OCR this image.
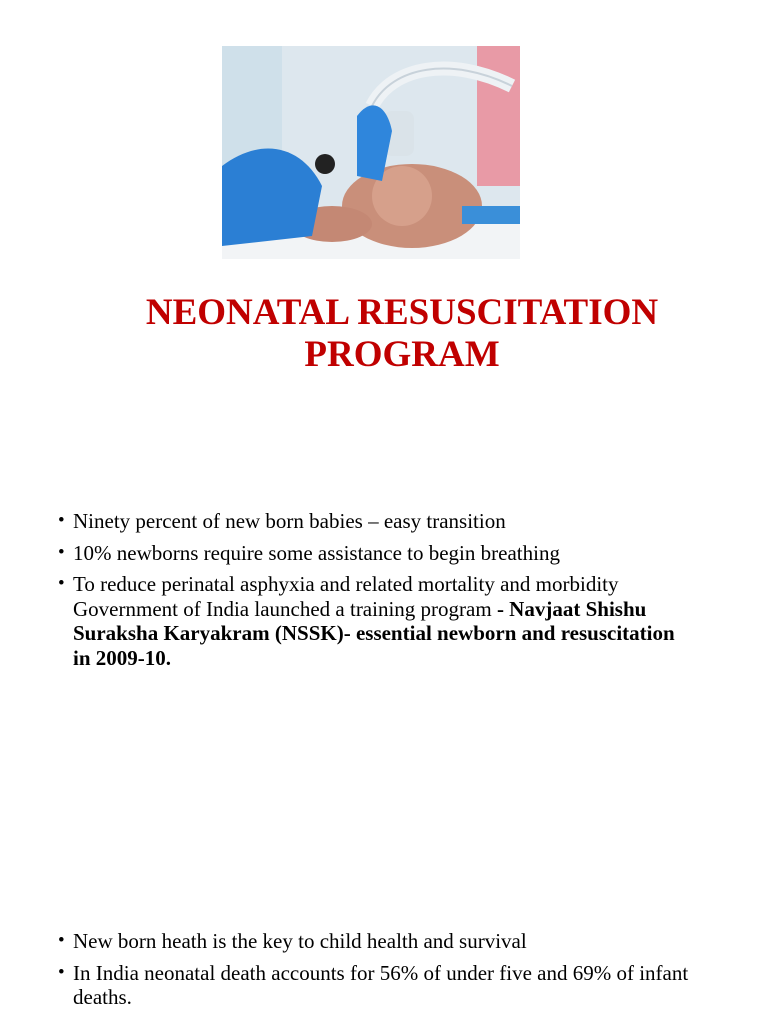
NEONATAL RESUSCITATION
PROGRAM
• Ninety percent of new born babies – easy transition
• 10% newborns require some assistance to begin breathing
• To reduce perinatal asphyxia and related mortality and morbidity Government of India launched a training program - Navjaat Shishu Suraksha Karyakram (NSSK)- essential newborn and resuscitation in 2009-10.
• New born heath is the key to child health and survival
• In India neonatal death accounts for 56% of under five and 69% of infant deaths.
